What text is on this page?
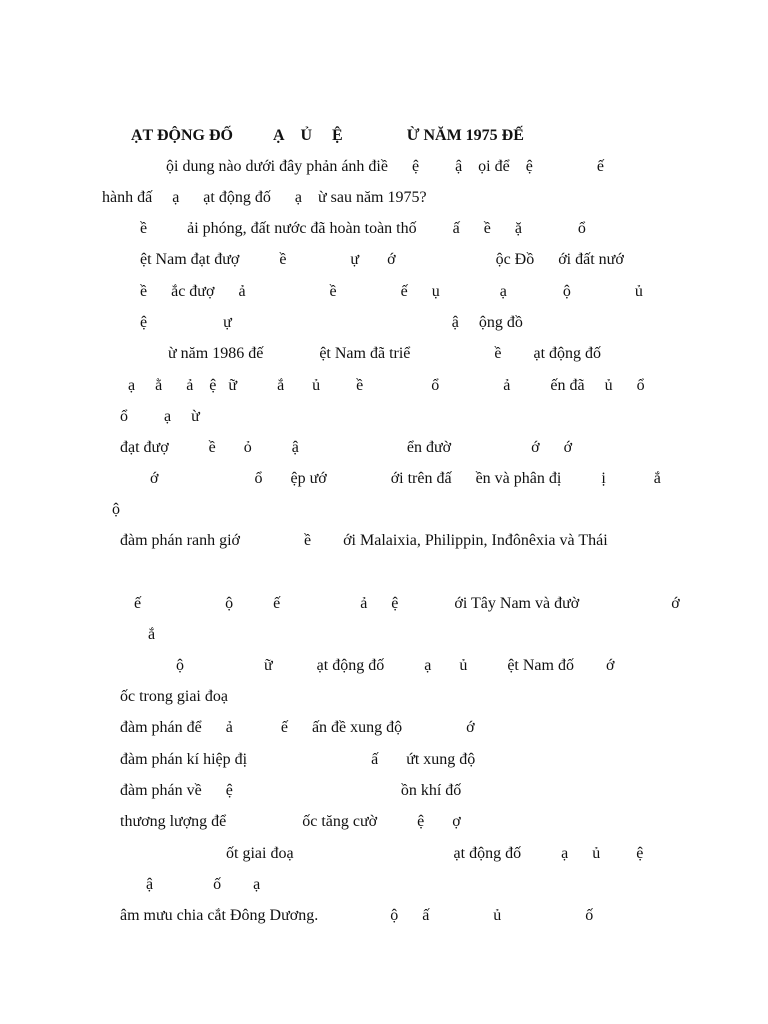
ẠT ĐỘNG ĐỐ          Ạ    Ủ     Ệ                Ừ NĂM 1975 ĐẾ
ội dung nào dưới đây phản ánh điề      ệ         ậ    ọi để    ệ                ế
hành đấ     ạ      ạt động đố      ạ    ừ sau năm 1975?
ề          ải phóng, đất nước đã hoàn toàn thố         ấ      ề      ặ              ổ
ệt Nam đạt đượ          ề                ự       ớ                         ộc Đồ      ới đất nướ
ề      ắc đượ      ả                     ề                ế      ụ               ạ              ộ                ủ
ệ                   ự                                                       ậ     ộng đồ
ừ năm 1986 đế              ệt Nam đã triể                     ề        ạt động đố
ạ     ằ      ả    ệ   ữ          ắ       ủ         ề                 ổ                ả          ến đã     ủ      ổ
ổ         ạ     ừ
đạt đượ          ề       ỏ          ậ                           ển đườ                    ớ      ớ
ớ                        ổ       ệp ướ                ới trên đấ      ền và phân đị          ị            ắ
ộ
đàm phán ranh giớ                ề        ới Malaixia, Philippin, Inđônêxia và Thái
ế                     ộ          ế                    ả      ệ              ới Tây Nam và đườ                       ớ
ắ
ộ                    ữ           ạt động đố          ạ       ủ          ệt Nam đố        ớ
ốc trong giai đoạ
đàm phán để      ả            ế      ấn đề xung độ                ớ
đàm phán kí hiệp đị                               ấ       ứt xung độ
đàm phán về      ệ                                          ồn khí đố
thương lượng để                   ốc tăng cườ          ệ       ợ
ốt giai đoạ                                        ạt động đố          ạ      ủ         ệ
ậ               ố        ạ
âm mưu chia cắt Đông Dương.                  ộ      ấ                ủ                     ố
